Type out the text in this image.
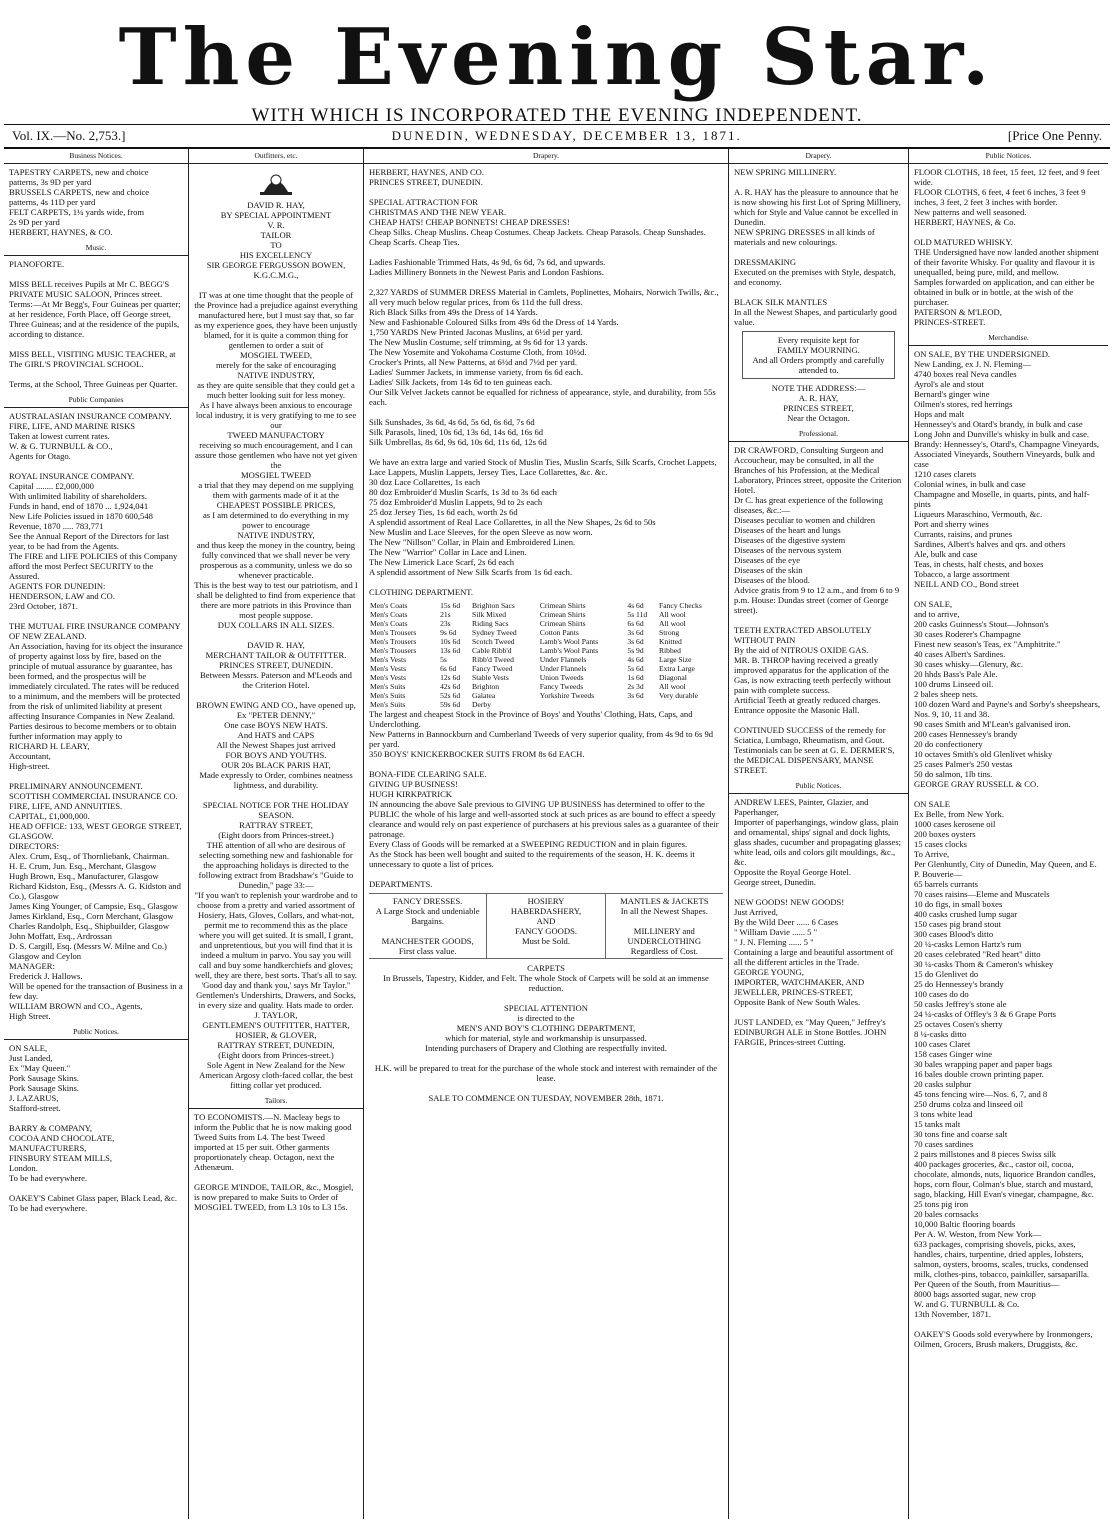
The Evening Star.
WITH WHICH IS INCORPORATED THE EVENING INDEPENDENT.
Vol. IX.—No. 2,753.]	DUNEDIN, WEDNESDAY, DECEMBER 13, 1871.	[Price One Penny.
Business Notices.

TAPESTRY CARPETS, new and choice
patterns, 3s 9D per yard
BRUSSELS CARPETS, new and choice
patterns, 4s 11D per yard
FELT CARPETS, 1¼ yards wide, from
2s 9D per yard
HERBERT, HAYNES, & CO.

Music.

PIANOFORTE.

MISS BELL receives Pupils at Mr C. BEGG'S PRIVATE MUSIC SALOON, Princes street.
Terms:—At Mr Begg's, Four Guineas per quarter; at her residence, Forth Place, off George street, Three Guineas; and at the residence of the pupils, according to distance.

MISS BELL, VISITING MUSIC TEACHER, at
The GIRL'S PROVINCIAL SCHOOL.

Terms, at the School, Three Guineas per Quarter.

Public Companies

AUSTRALASIAN INSURANCE COMPANY.
FIRE, LIFE, AND MARINE RISKS
Taken at lowest current rates.
W. & G. TURNBULL & CO.,
Agents for Otago.

ROYAL INSURANCE COMPANY.
Capital ........ £2,000,000
With unlimited liability of shareholders.
Funds in hand, end of 1870 ... 1,924,041
New Life Policies issued in 1870 600,548
Revenue, 1870 ..... 783,771
See the Annual Report of the Directors for last year, to be had from the Agents.
The FIRE and LIFE POLICIES of this Company afford the most Perfect SECURITY to the Assured.
AGENTS FOR DUNEDIN:
HENDERSON, LAW and CO.
23rd October, 1871.

THE MUTUAL FIRE INSURANCE COMPANY OF NEW ZEALAND.
An Association, having for its object the insurance of property against loss by fire, based on the principle of mutual assurance by guarantee, has been formed, and the prospectus will be immediately circulated. The rates will be reduced to a minimum, and the members will be protected from the risk of unlimited liability at present affecting Insurance Companies in New Zealand.
Parties desirous to become members or to obtain further information may apply to
RICHARD H. LEARY,
Accountant,
High-street.

PRELIMINARY ANNOUNCEMENT.
SCOTTISH COMMERCIAL INSURANCE CO.
FIRE, LIFE, AND ANNUITIES.
CAPITAL, £1,000,000.
HEAD OFFICE: 133, WEST GEORGE STREET, GLASGOW.
DIRECTORS:
Alex. Crum, Esq., of Thornliebank, Chairman.
H. E. Crum, Jun. Esq., Merchant, Glasgow
Hugh Brown, Esq., Manufacturer, Glasgow
Richard Kidston, Esq., (Messrs A. G. Kidston and Co.), Glasgow
James King Younger, of Campsie, Esq., Glasgow
James Kirkland, Esq., Corn Merchant, Glasgow
Charles Randolph, Esq., Shipbuilder, Glasgow
John Moffatt, Esq., Ardrossan
D. S. Cargill, Esq. (Messrs W. Milne and Co.) Glasgow and Ceylon
MANAGER:
Frederick J. Hallows.
Will be opened for the transaction of Business in a few day.
WILLIAM BROWN and CO., Agents,
High Street.

Public Notices.

ON SALE,
Just Landed,
Ex "May Queen."
Pork Sausage Skins.
Pork Sausage Skins.
J. LAZARUS,
Stafford-street.

BARRY & COMPANY,
COCOA AND CHOCOLATE,
MANUFACTURERS,
FINSBURY STEAM MILLS,
London.
To be had everywhere.

OAKEY'S Cabinet Glass paper, Black Lead, &c.
To be had everywhere.

Outfitters, etc.

DAVID R. HAY,
BY SPECIAL APPOINTMENT
V. R.
TAILOR
TO
HIS EXCELLENCY
SIR GEORGE FERGUSSON BOWEN,
K.G.C.M.G.,

IT was at one time thought that the people of the Province had a prejudice against everything manufactured here, but I must say that, so far as my experience goes, they have been unjustly blamed, for it is quite a common thing for gentlemen to order a suit of
MOSGIEL TWEED,
merely for the sake of encouraging
NATIVE INDUSTRY,
as they are quite sensible that they could get a much better looking suit for less money.
As I have always been anxious to encourage local industry, it is very gratifying to me to see our
TWEED MANUFACTORY
receiving so much encouragement, and I can assure those gentlemen who have not yet given the
MOSGIEL TWEED
a trial that they may depend on me supplying them with garments made of it at the
CHEAPEST POSSIBLE PRICES,
as I am determined to do everything in my power to encourage
NATIVE INDUSTRY,
and thus keep the money in the country, being fully convinced that we shall never be very prosperous as a community, unless we do so whenever practicable.
This is the best way to test our patriotism, and I shall be delighted to find from experience that there are more patriots in this Province than most people suppose.
DUX COLLARS IN ALL SIZES.

DAVID R. HAY,
MERCHANT TAILOR & OUTFITTER.
PRINCES STREET, DUNEDIN.
Between Messrs. Paterson and M'Leods and the Criterion Hotel.

BROWN EWING AND CO., have opened up,
Ex "PETER DENNY,"
One case BOYS NEW HATS.
And HATS and CAPS
All the Newest Shapes just arrived
FOR BOYS AND YOUTHS.
OUR 20s BLACK PARIS HAT,
Made expressly to Order, combines neatness lightness, and durability.

SPECIAL NOTICE FOR THE HOLIDAY SEASON.
RATTRAY STREET,
(Eight doors from Princes-street.)
THE attention of all who are desirous of selecting something new and fashionable for the approaching holidays is directed to the following extract from Bradshaw's "Guide to Dunedin," page 33:—
"If you wan't to replenish your wardrobe and to choose from a pretty and varied assortment of Hosiery, Hats, Gloves, Collars, and what-not, permit me to recommend this as the place where you will get suited. It is small, I grant, and unpretentious, but you will find that it is indeed a multum in parvo. You say you will call and buy some handkerchiefs and gloves; well, they are there, best sorts. That's all to say. 'Good day and thank you,' says Mr Taylor."
Gentlemen's Undershirts, Drawers, and Socks, in every size and quality. Hats made to order.
J. TAYLOR,
GENTLEMEN'S OUTFITTER, HATTER, HOSIER, & GLOVER,
RATTRAY STREET, DUNEDIN,
(Eight doors from Princes-street.)
Sole Agent in New Zealand for the New American Argosy cloth-faced collar, the best fitting collar yet produced.

Tailors.

TO ECONOMISTS.—N. Macleay begs to inform the Public that he is now making good Tweed Suits from L4. The best Tweed imported at 15 per suit. Other garments proportionately cheap. Octagon, next the Athenæum.

GEORGE M'INDOE, TAILOR, &c., Mosgiel, is now prepared to make Suits to Order of MOSGIEL TWEED, from L3 10s to L3 15s.

Drapery.

HERBERT, HAYNES, AND CO.
PRINCES STREET, DUNEDIN.

SPECIAL ATTRACTION FOR
CHRISTMAS AND THE NEW YEAR.
CHEAP HATS! CHEAP BONNETS! CHEAP DRESSES!
Cheap Silks. Cheap Muslins. Cheap Costumes. Cheap Jackets. Cheap Parasols. Cheap Sunshades. Cheap Scarfs. Cheap Ties.

Ladies Fashionable Trimmed Hats, 4s 9d, 6s 6d, 7s 6d, and upwards.
Ladies Millinery Bonnets in the Newest Paris and London Fashions.

2,327 YARDS of SUMMER DRESS Material in Camlets, Poplinettes, Mohairs, Norwich Twills, &c., all very much below regular prices, from 6s 11d the full dress.
Rich Black Silks from 49s the Dress of 14 Yards.
New and Fashionable Coloured Silks from 49s 6d the Dress of 14 Yards.
1,750 YARDS New Printed Jaconas Muslins, at 6½d per yard.
The New Muslin Costume, self trimming, at 9s 6d for 13 yards.
The New Yosemite and Yokohama Costume Cloth, from 10½d.
Crocker's Prints, all New Patterns, at 6½d and 7½d per yard.
Ladies' Summer Jackets, in immense variety, from 6s 6d each.
Ladies' Silk Jackets, from 14s 6d to ten guineas each.
Our Silk Velvet Jackets cannot be equalled for richness of appearance, style, and durability, from 55s each.

Silk Sunshades, 3s 6d, 4s 6d, 5s 6d, 6s 6d, 7s 6d
Silk Parasols, lined, 10s 6d, 13s 6d, 14s 6d, 16s 6d
Silk Umbrellas, 8s 6d, 9s 6d, 10s 6d, 11s 6d, 12s 6d

We have an extra large and varied Stock of Muslin Ties, Muslin Scarfs, Silk Scarfs, Crochet Lappets, Lace Lappets, Muslin Lappets, Jersey Ties, Lace Collarettes, &c. &c.
30 doz Lace Collarettes, 1s each
80 doz Embroider'd Muslin Scarfs, 1s 3d to 3s 6d each
75 doz Embroider'd Muslin Lappets, 9d to 2s each
25 doz Jersey Ties, 1s 6d each, worth 2s 6d
A splendid assortment of Real Lace Collarettes, in all the New Shapes, 2s 6d to 50s
New Muslin and Lace Sleeves, for the open Sleeve as now worn.
The New "Nillson" Collar, in Plain and Embroidered Linen.
The New "Warrior" Collar in Lace and Linen.
The New Limerick Lace Scarf, 2s 6d each
A splendid assortment of New Silk Scarfs from 1s 6d each.

CLOTHING DEPARTMENT.

Men's Coats	15s 6d	Brighton Sacs	Crimean Shirts	4s 6d	Fancy Checks
Men's Coats	21s	Silk Mixed	Crimean Shirts	5s 11d	All wool
Men's Coats	23s	Riding Sacs	Crimean Shirts	6s 6d	All wool
Men's Trousers	9s 6d	Sydney Tweed	Cotton Pants	3s 6d	Strong
Men's Trousers	10s 6d	Scotch Tweed	Lamb's Wool Pants	3s 6d	Knitted
Men's Trousers	13s 6d	Cable Ribb'd	Lamb's Wool Pants	5s 9d	Ribbed
Men's Vests	5s	Ribb'd Tweed	Under Flannels	4s 6d	Large Size
Men's Vests	6s 6d	Fancy Tweed	Under Flannels	5s 6d	Extra Large
Men's Vests	12s 6d	Stable Vests	Union Tweeds	1s 6d	Diagonal
Men's Suits	42s 6d	Brighton	Fancy Tweeds	2s 3d	All wool
Men's Suits	52s 6d	Galatea	Yorkshire Tweeds	3s 6d	Very durable
Men's Suits	59s 6d	Derby			

The largest and cheapest Stock in the Province of Boys' and Youths' Clothing, Hats, Caps, and Underclothing.
New Patterns in Bannockburn and Cumberland Tweeds of very superior quality, from 4s 9d to 6s 9d per yard.
350 BOYS' KNICKERBOCKER SUITS FROM 8s 6d EACH.

BONA-FIDE CLEARING SALE.
GIVING UP BUSINESS!
HUGH KIRKPATRICK
IN announcing the above Sale previous to GIVING UP BUSINESS has determined to offer to the PUBLIC the whole of his large and well-assorted stock at such prices as are bound to effect a speedy clearance and would rely on past experience of purchasers at his previous sales as a guarantee of their patronage.
Every Class of Goods will be remarked at a SWEEPING REDUCTION and in plain figures.
As the Stock has been well bought and suited to the requirements of the season, H. K. deems it unnecessary to quote a list of prices.

DEPARTMENTS.

FANCY DRESSES.
A Large Stock and undeniable Bargains.

MANCHESTER GOODS,
First class value.

HOSIERY
HABERDASHERY,
AND
FANCY GOODS.
Must be Sold.

MANTLES & JACKETS
In all the Newest Shapes.

MILLINERY and UNDERCLOTHING
Regardless of Cost.

CARPETS
In Brussels, Tapestry, Kidder, and Felt. The whole Stock of Carpets will be sold at an immense reduction.

SPECIAL ATTENTION
is directed to the
MEN'S AND BOY'S CLOTHING DEPARTMENT,
which for material, style and workmanship is unsurpassed.
Intending purchasers of Drapery and Clothing are respectfully invited.

H.K. will be prepared to treat for the purchase of the whole stock and interest with remainder of the lease.

SALE TO COMMENCE ON TUESDAY, NOVEMBER 28th, 1871.

Drapery.

NEW SPRING MILLINERY.

A. R. HAY has the pleasure to announce that he is now showing his first Lot of Spring Millinery, which for Style and Value cannot be excelled in Dunedin.
NEW SPRING DRESSES in all kinds of materials and new colourings.

DRESSMAKING
Executed on the premises with Style, despatch, and economy.

BLACK SILK MANTLES
In all the Newest Shapes, and particularly good value.

Every requisite kept for
FAMILY MOURNING.
And all Orders promptly and carefully attended to.

NOTE THE ADDRESS:—
A. R. HAY,
PRINCES STREET,
Near the Octagon.

Professional.

DR CRAWFORD, Consulting Surgeon and Accoucheur, may be consulted, in all the Branches of his Profession, at the Medical Laboratory, Princes street, opposite the Criterion Hotel.
Dr C. has great experience of the following diseases, &c.:—
Diseases peculiar to women and children
Diseases of the heart and lungs
Diseases of the digestive system
Diseases of the nervous system
Diseases of the eye
Diseases of the skin
Diseases of the blood.
Advice gratis from 9 to 12 a.m., and from 6 to 9 p.m. House: Dundas street (corner of George street).

TEETH EXTRACTED ABSOLUTELY WITHOUT PAIN
By the aid of NITROUS OXIDE GAS.
MR. B. THROP having received a greatly improved apparatus for the application of the Gas, is now extracting teeth perfectly without pain with complete success.
Artificial Teeth at greatly reduced charges. Entrance opposite the Masonic Hall.

CONTINUED SUCCESS of the remedy for Sciatica, Lumbago, Rheumatism, and Gout.
Testimonials can be seen at G. E. DERMER'S, the MEDICAL DISPENSARY, MANSE STREET.

Public Notices.

ANDREW LEES, Painter, Glazier, and Paperhanger,
Importer of paperhangings, window glass, plain and ornamental, ships' signal and dock lights, glass shades, cucumber and propagating glasses; white lead, oils and colors gilt mouldings, &c., &c.
Opposite the Royal George Hotel.
George street, Dunedin.

NEW GOODS! NEW GOODS!
Just Arrived,
By the Wild Deer ...... 6 Cases
" William Davie ...... 5 "
" J. N. Fleming ...... 5 "
Containing a large and beautiful assortment of all the different articles in the Trade.
GEORGE YOUNG,
IMPORTER, WATCHMAKER, AND JEWELLER, PRINCES-STREET,
Opposite Bank of New South Wales.

JUST LANDED, ex "May Queen," Jeffrey's EDINBURGH ALE in Stone Bottles. JOHN FARGIE, Princes-street Cutting.

Public Notices.

FLOOR CLOTHS, 18 feet, 15 feet, 12 feet, and 9 feet wide.
FLOOR CLOTHS, 6 feet, 4 feet 6 inches, 3 feet 9 inches, 3 feet, 2 feet 3 inches with border.
New patterns and well seasoned.
HERBERT, HAYNES, & Co.

OLD MATURED WHISKY.
THE Undersigned have now landed another shipment of their favorite Whisky. For quality and flavour it is unequalled, being pure, mild, and mellow.
Samples forwarded on application, and can either be obtained in bulk or in bottle, at the wish of the purchaser.
PATERSON & M'LEOD,
PRINCES-STREET.

Merchandise.

ON SALE, BY THE UNDERSIGNED.
New Landing, ex J. N. Fleming—
4740 boxes real Neva candles
Ayrol's ale and stout
Bernard's ginger wine
Oilmen's stores, red herrings
Hops and malt
Hennessey's and Otard's brandy, in bulk and case
Long John and Dunville's whisky in bulk and case.
Brandy: Hennessey's, Otard's, Champagne Vineyards, Associated Vineyards, Southern Vineyards, bulk and case
1210 cases clarets
Colonial wines, in bulk and case
Champagne and Moselle, in quarts, pints, and half-pints
Liqueurs Maraschino, Vermouth, &c.
Port and sherry wines
Currants, raisins, and prunes
Sardines, Albert's halves and qrs. and others
Ale, bulk and case
Teas, in chests, half chests, and boxes
Tobacco, a large assortment
NEILL AND CO., Bond street

ON SALE,
and to arrive,
200 casks Guinness's Stout—Johnson's
30 cases Roderer's Champagne
Finest new season's Teas, ex "Amphitrite."
40 cases Albert's Sardines.
30 cases whisky—Glenury, &c.
20 hhds Bass's Pale Ale.
100 drums Linseed oil.
2 bales sheep nets.
100 dozen Ward and Payne's and Sorby's sheepshears, Nos. 9, 10, 11 and 38.
90 cases Smith and M'Lean's galvanised iron.
200 cases Hennessey's brandy
20 do confectionery
10 octaves Smith's old Glenlivet whisky
25 cases Palmer's 250 vestas
50 do salmon, 1lb tins.
GEORGE GRAY RUSSELL & CO.

ON SALE
Ex Belle, from New York.
1000 cases kerosene oil
200 boxes oysters
15 cases clocks
To Arrive,
Per Glenhuntly, City of Dunedin, May Queen, and E. P. Bouverie—
65 barrels currants
70 cases raisins—Eleme and Muscatels
10 do figs, in small boxes
400 casks crushed lump sugar
150 cases pig brand stout
300 cases Blood's ditto
20 ¼-casks Lemon Hartz's rum
20 cases celebrated "Red heart" ditto
30 ¼-casks Thom & Cameron's whiskey
15 do Glenlivet do
25 do Hennessey's brandy
100 cases do do
50 casks Jeffrey's stone ale
24 ¼-casks of Offley's 3 & 6 Grape Ports
25 octaves Cosen's sherry
8 ¼-casks ditto
100 cases Claret
158 cases Ginger wine
30 bales wrapping paper and paper bags
16 bales double crown printing paper.
20 casks sulphur
45 tons fencing wire—Nos. 6, 7, and 8
250 drums colza and linseed oil
3 tons white lead
15 tanks malt
30 tons fine and coarse salt
70 cases sardines
2 pairs millstones and 8 pieces Swiss silk
400 packages groceries, &c., castor oil, cocoa, chocolate, almonds, nuts, liquorice Brandon candles, hops, corn flour, Colman's blue, starch and mustard, sago, blacking, Hill Evan's vinegar, champagne, &c.
25 tons pig iron
20 bales cornsacks
10,000 Baltic flooring boards
Per A. W. Weston, from New York—
633 packages, comprising shovels, picks, axes, handles, chairs, turpentine, dried apples, lobsters, salmon, oysters, brooms, scales, trucks, condensed milk, clothes-pins, tobacco, painkiller, sarsaparilla.
Per Queen of the South, from Mauritius—
8000 bags assorted sugar, new crop
W. and G. TURNBULL & Co.
13th November, 1871.

OAKEY'S Goods sold everywhere by Ironmongers, Oilmen, Grocers, Brush makers, Druggists, &c.
